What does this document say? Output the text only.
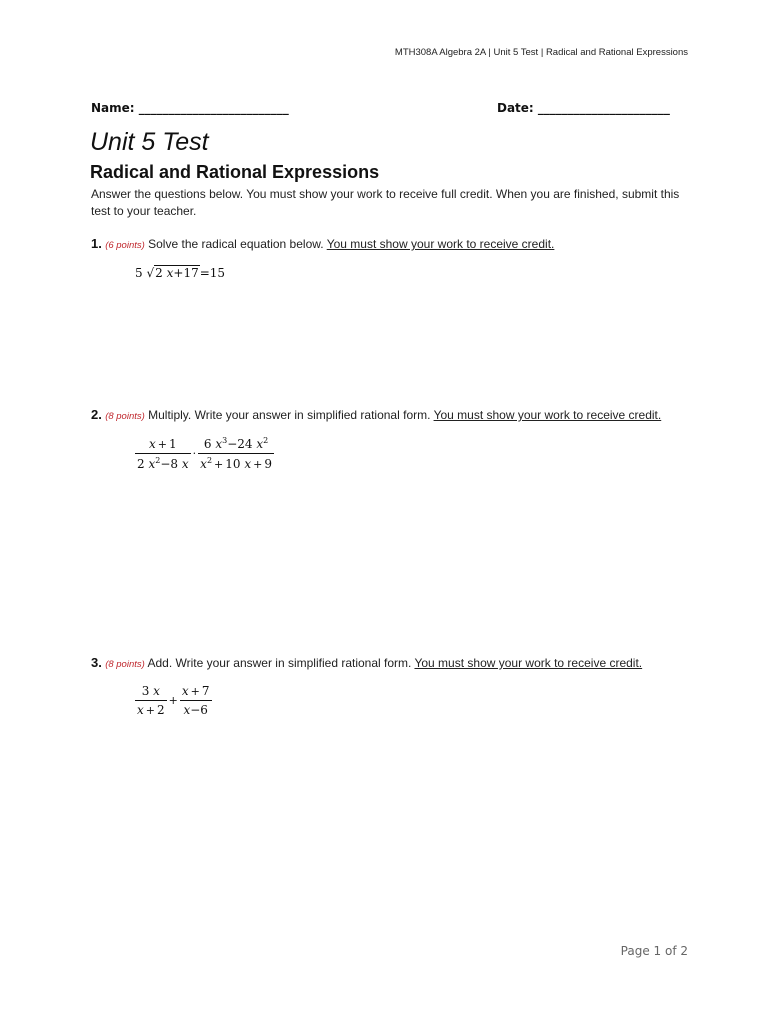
MTH308A Algebra 2A | Unit 5 Test | Radical and Rational Expressions
Name: _________________________	Date: ______________________
Unit 5 Test
Radical and Rational Expressions
Answer the questions below. You must show your work to receive full credit. When you are finished, submit this test to your teacher.
1. (6 points) Solve the radical equation below. You must show your work to receive credit.
5 √2 x+17=15
2. (8 points) Multiply. Write your answer in simplified rational form. You must show your work to receive credit.
$\frac{x + 1}{2 x^2-8 x} \cdot \frac{6 x^3-24 x^2}{x^2 + 10 x + 9}$
3. (8 points) Add. Write your answer in simplified rational form. You must show your work to receive credit.
$\frac{3 x}{x + 2} + \frac{x + 7}{x-6}$
Page 1 of 2
